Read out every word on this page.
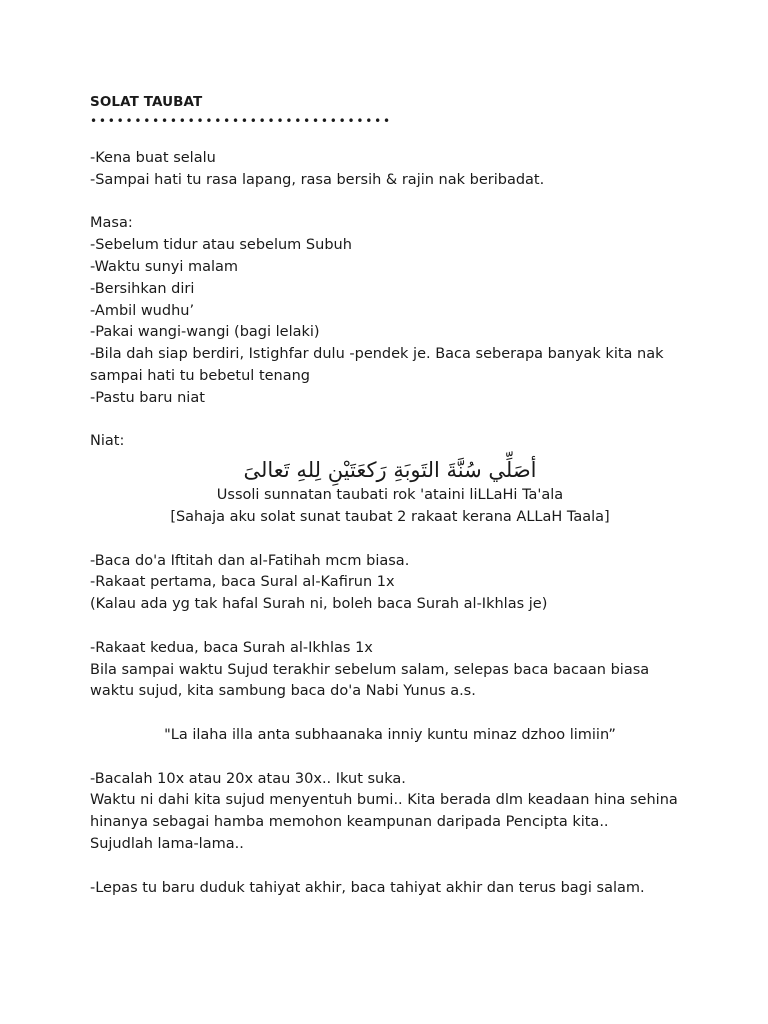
SOLAT TAUBAT
••••••••••••••••••••••••••••••••••
-Kena buat selalu
-Sampai hati tu rasa lapang, rasa bersih & rajin nak beribadat.
Masa:
-Sebelum tidur atau sebelum Subuh
-Waktu sunyi malam
-Bersihkan diri
-Ambil wudhu’
-Pakai wangi-wangi (bagi lelaki)
-Bila dah siap berdiri, Istighfar dulu -pendek je. Baca seberapa banyak kita nak sampai hati tu bebetul tenang
-Pastu baru niat
Niat:
أصَلِّي سُنَّةَ التَوبَةِ رَكعَتَيْنِ لِلهِ تَعالىَ
Ussoli sunnatan taubati rok 'ataini liLLaHi Ta'ala
[Sahaja aku solat sunat taubat 2 rakaat kerana ALLaH Taala]
-Baca do'a Iftitah dan al-Fatihah mcm biasa.
-Rakaat pertama, baca Sural al-Kafirun 1x
(Kalau ada yg tak hafal Surah ni, boleh baca Surah al-Ikhlas je)
-Rakaat kedua, baca Surah al-Ikhlas 1x
Bila sampai waktu Sujud terakhir sebelum salam, selepas baca bacaan biasa waktu sujud, kita sambung baca do'a Nabi Yunus a.s.
"La ilaha illa anta subhaanaka inniy kuntu minaz dzhoo limiin”
-Bacalah 10x atau 20x atau 30x.. Ikut suka.
Waktu ni dahi kita sujud menyentuh bumi.. Kita berada dlm keadaan hina sehina hinanya sebagai hamba memohon keampunan daripada Pencipta kita..
Sujudlah lama-lama..
-Lepas tu baru duduk tahiyat akhir, baca tahiyat akhir dan terus bagi salam.
